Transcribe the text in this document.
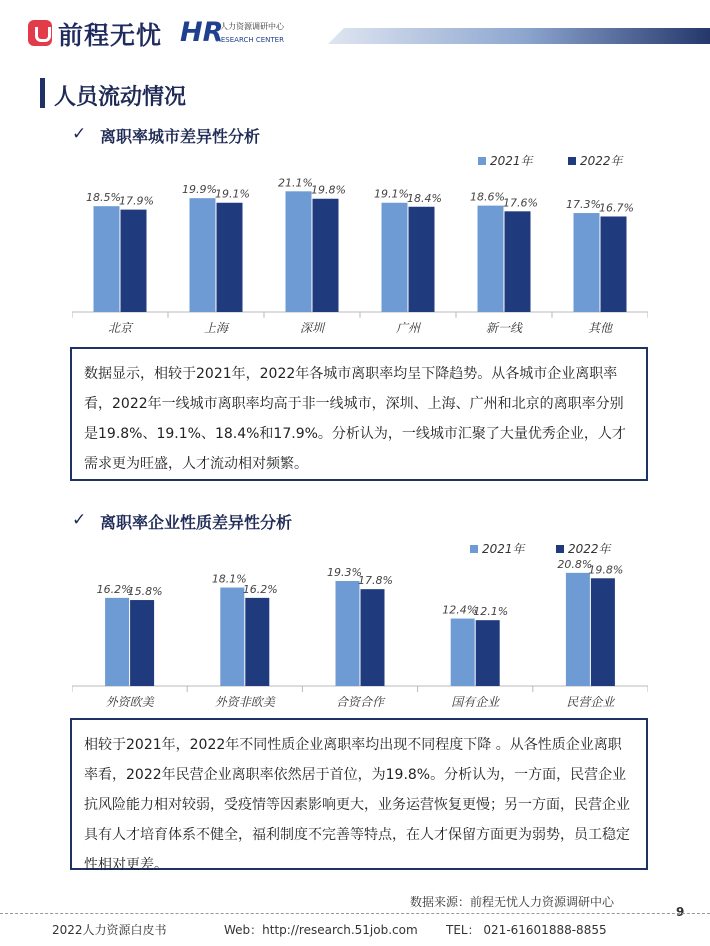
前程无忧 HR
人力资源调研中心
RESEARCH CENTER
人员流动情况
✓ 离职率城市差异性分析
2021年	2022年
18.5%
17.9%
北京
19.9%
19.1%
上海
21.1%
19.8%
深圳
19.1%
18.4%
广州
18.6%
17.6%
新一线
17.3%
16.7%
其他
数据显示，相较于2021年，2022年各城市离职率均呈下降趋势。从各城市企业离职率看，2022年一线城市离职率均高于非一线城市，深圳、上海、广州和北京的离职率分别是19.8%、19.1%、18.4%和17.9%。分析认为，一线城市汇聚了大量优秀企业，人才需求更为旺盛，人才流动相对频繁。
✓ 离职率企业性质差异性分析
2021年	2022年
16.2%
15.8%
外资欧美
18.1%
16.2%
外资非欧美
19.3%
17.8%
合资合作
12.4%
12.1%
国有企业
20.8%
19.8%
民营企业
相较于2021年，2022年不同性质企业离职率均出现不同程度下降 。从各性质企业离职率看，2022年民营企业离职率依然居于首位，为19.8%。分析认为，一方面，民营企业抗风险能力相对较弱，受疫情等因素影响更大，业务运营恢复更慢；另一方面，民营企业具有人才培育体系不健全，福利制度不完善等特点，在人才保留方面更为弱势，员工稳定性相对更差。
数据来源：前程无忧人力资源调研中心
9
2022人力资源白皮书	Web：http://research.51job.com TEL： 021-61601888-8855
